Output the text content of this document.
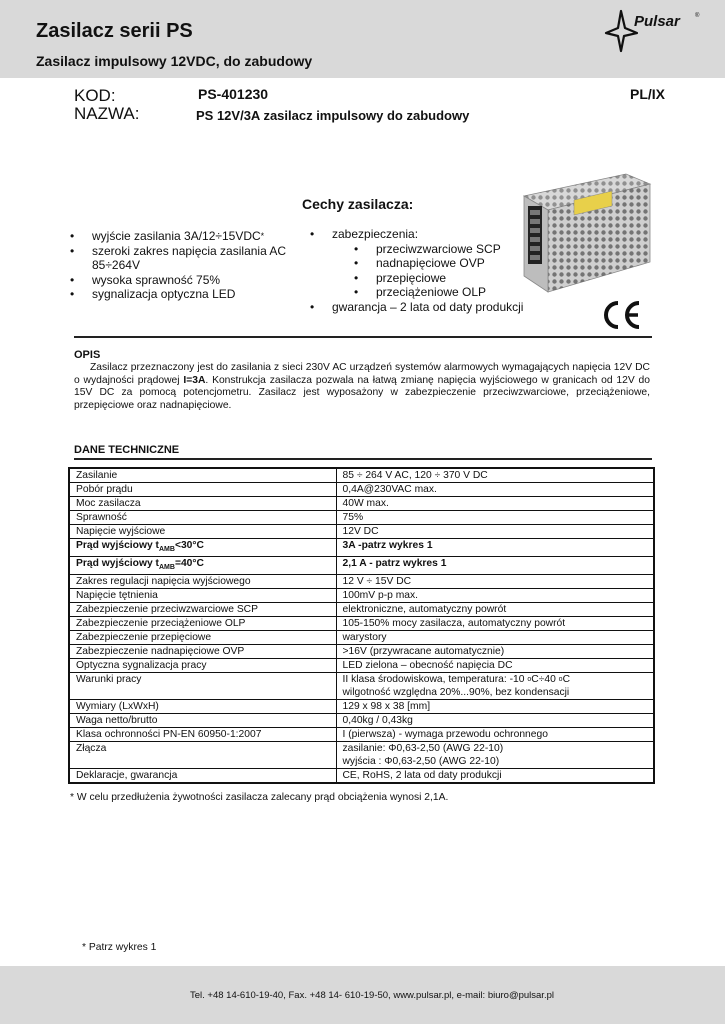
Zasilacz serii PS
Zasilacz impulsowy 12VDC, do zabudowy
Pulsar	®
KOD:	PS-401230
NAZWA:	PS 12V/3A zasilacz impulsowy do zabudowy
PL/IX
Cechy zasilacza:
• wyjście zasilania 3A/12÷15VDC*
• szeroki zakres napięcia zasilania AC 85÷264V
• wysoka sprawność 75%
• sygnalizacja optyczna LED
• zabezpieczenia:
• przeciwzwarciowe SCP
• nadnapięciowe OVP
• przepięciowe
• przeciążeniowe OLP
• gwarancja – 2 lata od daty produkcji
OPIS
Zasilacz przeznaczony jest do zasilania z sieci 230V AC urządzeń systemów alarmowych wymagających napięcia 12V DC o wydajności prądowej I=3A. Konstrukcja zasilacza pozwala na łatwą zmianę napięcia wyjściowego w granicach od 12V do 15V DC za pomocą potencjometru. Zasilacz jest wyposażony w zabezpieczenie przeciwzwarciowe, przeciążeniowe, przepięciowe oraz nadnapięciowe.
DANE TECHNICZNE
Zasilanie	85 ÷ 264 V AC, 120 ÷ 370 V DC
Pobór prądu	0,4A@230VAC max.
Moc zasilacza	40W max.
Sprawność	75%
Napięcie wyjściowe	12V DC
Prąd wyjściowy $t_{AMB}<30^\circ C$	3A -patrz wykres 1
Prąd wyjściowy $t_{AMB}=40^\circ C$	2,1 A - patrz wykres 1
Zakres regulacji napięcia wyjściowego	12 V ÷ 15V DC
Napięcie tętnienia	100mV p-p max.
Zabezpieczenie przeciwzwarciowe SCP	elektroniczne, automatyczny powrót
Zabezpieczenie przeciążeniowe OLP	105-150% mocy zasilacza, automatyczny powrót
Zabezpieczenie przepięciowe	warystory
Zabezpieczenie nadnapięciowe OVP	>16V (przywracane automatycznie)
Optyczna sygnalizacja pracy	LED zielona – obecność napięcia DC
Warunki pracy	II klasa środowiskowa, temperatura: -10 $^o$C÷40 $^o$C
wilgotność względna 20%...90%, bez kondensacji
Wymiary (LxWxH)	129 x 98 x 38 [mm]
Waga netto/brutto	0,40kg / 0,43kg
Klasa ochronności PN-EN 60950-1:2007	I (pierwsza) - wymaga przewodu ochronnego
Złącza	zasilanie: Φ0,63-2,50 (AWG 22-10)
wyjścia : Φ0,63-2,50 (AWG 22-10)
Deklaracje, gwarancja	CE, RoHS, 2 lata od daty produkcji
* W celu przedłużenia żywotności zasilacza zalecany prąd obciążenia wynosi 2,1A.
* Patrz wykres 1
Tel. +48 14-610-19-40, Fax. +48 14- 610-19-50, www.pulsar.pl, e-mail: biuro@pulsar.pl
